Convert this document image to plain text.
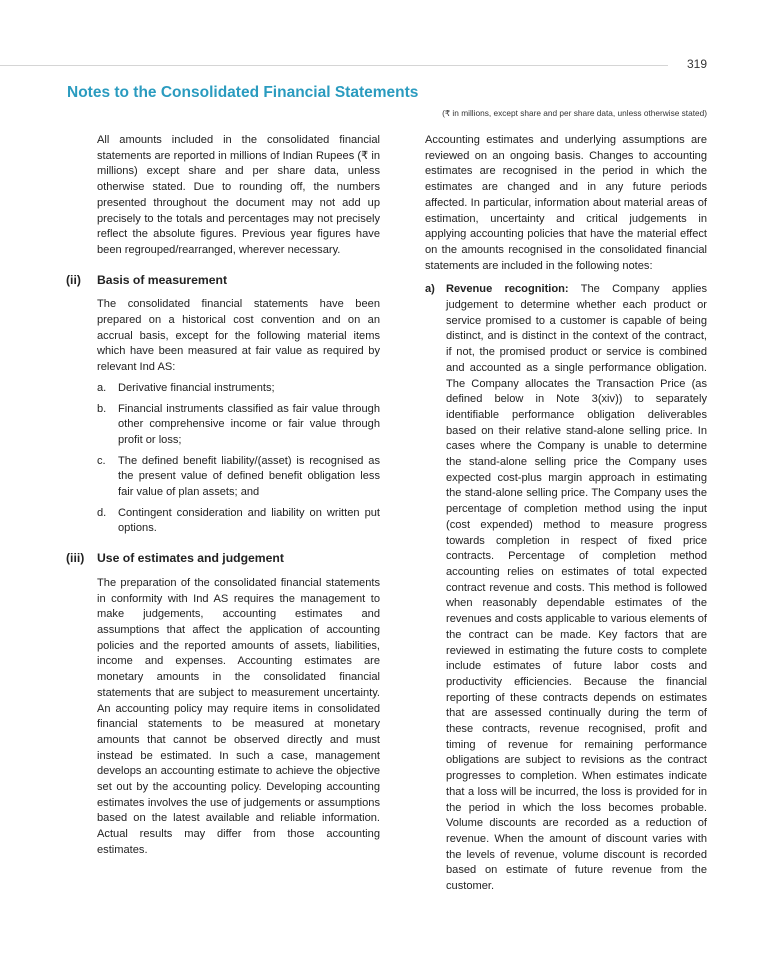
319
Notes to the Consolidated Financial Statements
(₹ in millions, except share and per share data, unless otherwise stated)

All amounts included in the consolidated financial statements are reported in millions of Indian Rupees (₹ in millions) except share and per share data, unless otherwise stated. Due to rounding off, the numbers presented throughout the document may not add up precisely to the totals and percentages may not precisely reflect the absolute figures. Previous year figures have been regrouped/rearranged, wherever necessary.

(ii) Basis of measurement

The consolidated financial statements have been prepared on a historical cost convention and on an accrual basis, except for the following material items which have been measured at fair value as required by relevant Ind AS:

a. Derivative financial instruments;
b. Financial instruments classified as fair value through other comprehensive income or fair value through profit or loss;
c. The defined benefit liability/(asset) is recognised as the present value of defined benefit obligation less fair value of plan assets; and
d. Contingent consideration and liability on written put options.
(iii) Use of estimates and judgement

The preparation of the consolidated financial statements in conformity with Ind AS requires the management to make judgements, accounting estimates and assumptions that affect the application of accounting policies and the reported amounts of assets, liabilities, income and expenses. Accounting estimates are monetary amounts in the consolidated financial statements that are subject to measurement uncertainty. An accounting policy may require items in consolidated financial statements to be measured at monetary amounts that cannot be observed directly and must instead be estimated. In such a case, management develops an accounting estimate to achieve the objective set out by the accounting policy. Developing accounting estimates involves the use of judgements or assumptions based on the latest available and reliable information. Actual results may differ from those accounting estimates.

Accounting estimates and underlying assumptions are reviewed on an ongoing basis. Changes to accounting estimates are recognised in the period in which the estimates are changed and in any future periods affected. In particular, information about material areas of estimation, uncertainty and critical judgements in applying accounting policies that have the material effect on the amounts recognised in the consolidated financial statements are included in the following notes:

a) Revenue recognition: The Company applies judgement to determine whether each product or service promised to a customer is capable of being distinct, and is distinct in the context of the contract, if not, the promised product or service is combined and accounted as a single performance obligation. The Company allocates the Transaction Price (as defined below in Note 3(xiv)) to separately identifiable performance obligation deliverables based on their relative stand-alone selling price. In cases where the Company is unable to determine the stand-alone selling price the Company uses expected cost-plus margin approach in estimating the stand-alone selling price. The Company uses the percentage of completion method using the input (cost expended) method to measure progress towards completion in respect of fixed price contracts. Percentage of completion method accounting relies on estimates of total expected contract revenue and costs. This method is followed when reasonably dependable estimates of the revenues and costs applicable to various elements of the contract can be made. Key factors that are reviewed in estimating the future costs to complete include estimates of future labor costs and productivity efficiencies. Because the financial reporting of these contracts depends on estimates that are assessed continually during the term of these contracts, revenue recognised, profit and timing of revenue for remaining performance obligations are subject to revisions as the contract progresses to completion. When estimates indicate that a loss will be incurred, the loss is provided for in the period in which the loss becomes probable. Volume discounts are recorded as a reduction of revenue. When the amount of discount varies with the levels of revenue, volume discount is recorded based on estimate of future revenue from the customer.
